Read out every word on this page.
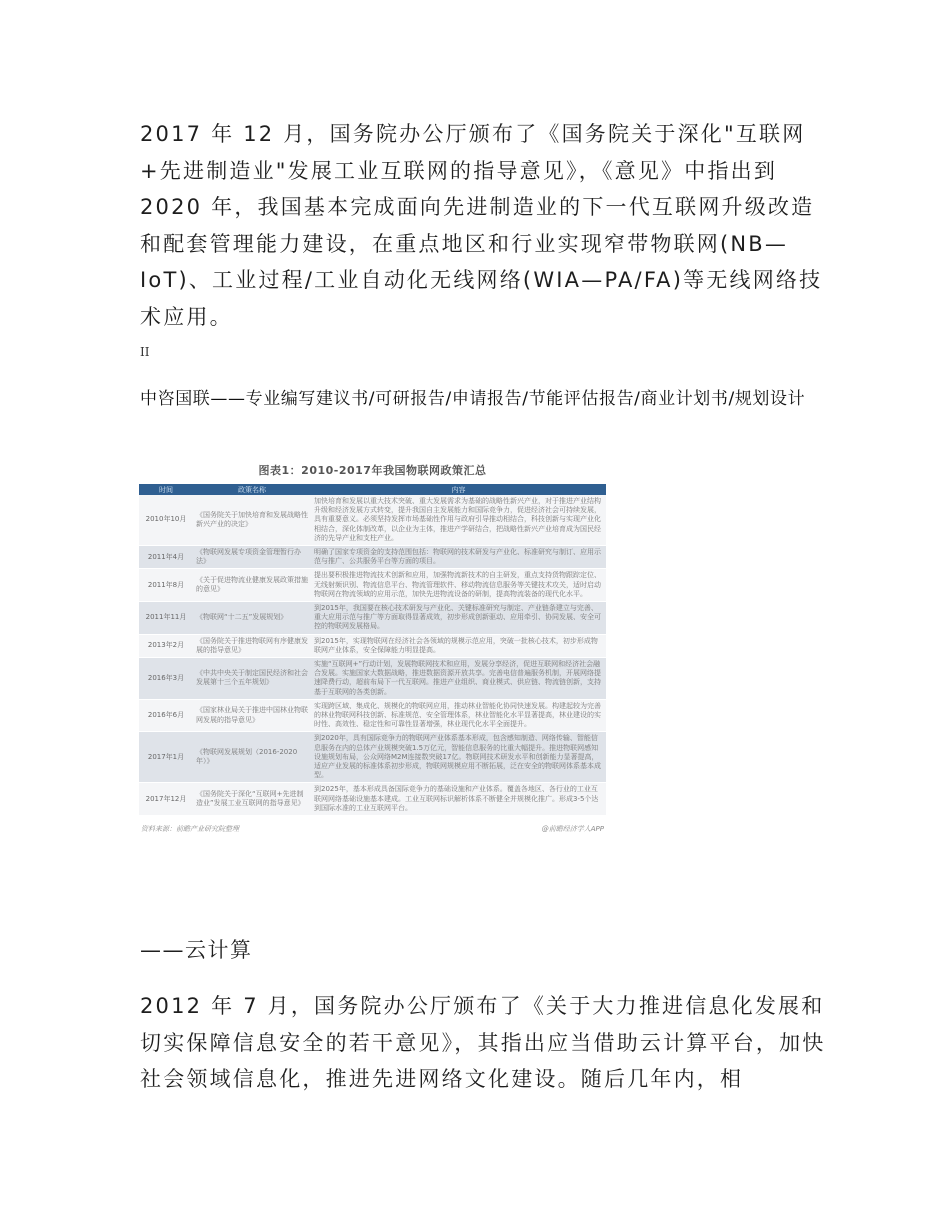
2017 年 12 月，国务院办公厅颁布了《国务院关于深化"互联网+先进制造业"发展工业互联网的指导意见》，《意见》中指出到 2020 年，我国基本完成面向先进制造业的下一代互联网升级改造和配套管理能力建设，在重点地区和行业实现窄带物联网(NB—IoT)、工业过程/工业自动化无线网络(WIA—PA/FA)等无线网络技术应用。

II
中咨国联——专业编写建议书/可研报告/申请报告/节能评估报告/商业计划书/规划设计
图表1：2010-2017年我国物联网政策汇总
时间	政策名称	内容
2010年10月	《国务院关于加快培育和发展战略性新兴产业的决定》	加快培育和发展以重大技术突破、重大发展需求为基础的战略性新兴产业，对于推进产业结构升级和经济发展方式转变，提升我国自主发展能力和国际竞争力，促进经济社会可持续发展，具有重要意义。必须坚持发挥市场基础性作用与政府引导推动相结合，科技创新与实现产业化相结合，深化体制改革，以企业为主体，推进产学研结合，把战略性新兴产业培育成为国民经济的先导产业和支柱产业。
2011年4月	《物联网发展专项资金管理暂行办法》	明确了国家专项资金的支持范围包括：物联网的技术研发与产业化、标准研究与制订、应用示范与推广、公共服务平台等方面的项目。
2011年8月	《关于促进物流业健康发展政策措施的意见》	提出要积极推进物流技术创新和应用，加强物流新技术的自主研发，重点支持货物跟踪定位、无线射频识别、物流信息平台、物流管理软件、移动物流信息服务等关键技术攻关，适时启动物联网在物流领域的应用示范，加快先进物流设备的研制，提高物流装备的现代化水平。
2011年11月	《物联网“十二五”发展规划》	到2015年，我国要在核心技术研发与产业化、关键标准研究与制定、产业链条建立与完善、重大应用示范与推广等方面取得显著成效，初步形成创新驱动、应用牵引、协同发展、安全可控的物联网发展格局。
2013年2月	《国务院关于推进物联网有序健康发展的指导意见》	到2015年，实现物联网在经济社会各领域的规模示范应用，突破一批核心技术，初步形成物联网产业体系，安全保障能力明显提高。
2016年3月	《中共中央关于制定国民经济和社会发展第十三个五年规划》	实施“互联网+”行动计划，发展物联网技术和应用，发展分享经济，促进互联网和经济社会融合发展。实施国家大数据战略，推进数据资源开放共享。完善电信普遍服务机制，开展网络提速降费行动，超前布局下一代互联网。推进产业组织、商业模式、供应链、物流链创新，支持基于互联网的各类创新。
2016年6月	《国家林业局关于推进中国林业物联网发展的指导意见》	实现跨区域、集成化、规模化的物联网应用，推动林业智能化协同快速发展。构建起较为完善的林业物联网科技创新、标准规范、安全管理体系，林业智能化水平显著提高，林业建设的实时性、高效性、稳定性和可靠性显著增强，林业现代化水平全面提升。
2017年1月	《物联网发展规划（2016-2020年）》	到2020年，具有国际竞争力的物联网产业体系基本形成，包含感知制造、网络传输、智能信息服务在内的总体产业规模突破1.5万亿元，智能信息服务的比重大幅提升。推进物联网感知设施规划布局，公众网络M2M连接数突破17亿。物联网技术研发水平和创新能力显著提高，适应产业发展的标准体系初步形成，物联网规模应用不断拓展，泛在安全的物联网体系基本成型。
2017年12月	《国务院关于深化“互联网+先进制造业”发展工业互联网的指导意见》	到2025年，基本形成具备国际竞争力的基础设施和产业体系。覆盖各地区、各行业的工业互联网网络基础设施基本建成。工业互联网标识解析体系不断健全并规模化推广。形成3-5个达到国际水准的工业互联网平台。
资料来源：前瞻产业研究院整理	@前瞻经济学人APP
——云计算

2012 年 7 月，国务院办公厅颁布了《关于大力推进信息化发展和切实保障信息安全的若干意见》，其指出应当借助云计算平台，加快社会领域信息化，推进先进网络文化建设。随后几年内，相
